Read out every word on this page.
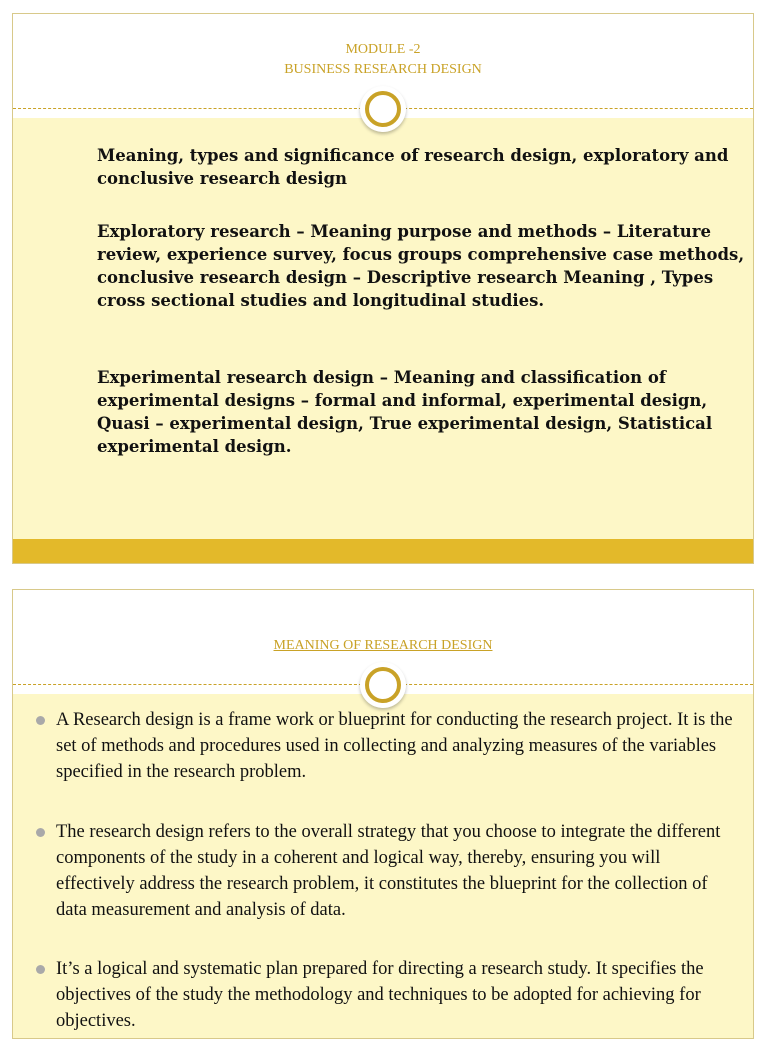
MODULE -2
BUSINESS RESEARCH DESIGN

Meaning, types and significance of research design, exploratory and conclusive research design

Exploratory research – Meaning purpose and methods – Literature review, experience survey, focus groups comprehensive case methods, conclusive research design – Descriptive research Meaning , Types cross sectional studies and longitudinal studies.

Experimental research design – Meaning and classification of experimental designs – formal and informal, experimental design, Quasi – experimental design, True experimental design, Statistical experimental design.

MEANING OF RESEARCH DESIGN

A Research design is a frame work or blueprint for conducting the research project. It is the set of methods and procedures used in collecting and analyzing measures of the variables specified in the research problem.

The research design refers to the overall strategy that you choose to integrate the different components of the study in a coherent and logical way, thereby, ensuring you will effectively address the research problem, it constitutes the blueprint for the collection of data measurement and analysis of data.

It’s a logical and systematic plan prepared for directing a research study. It specifies the objectives of the study the methodology and techniques to be adopted for achieving for objectives.
